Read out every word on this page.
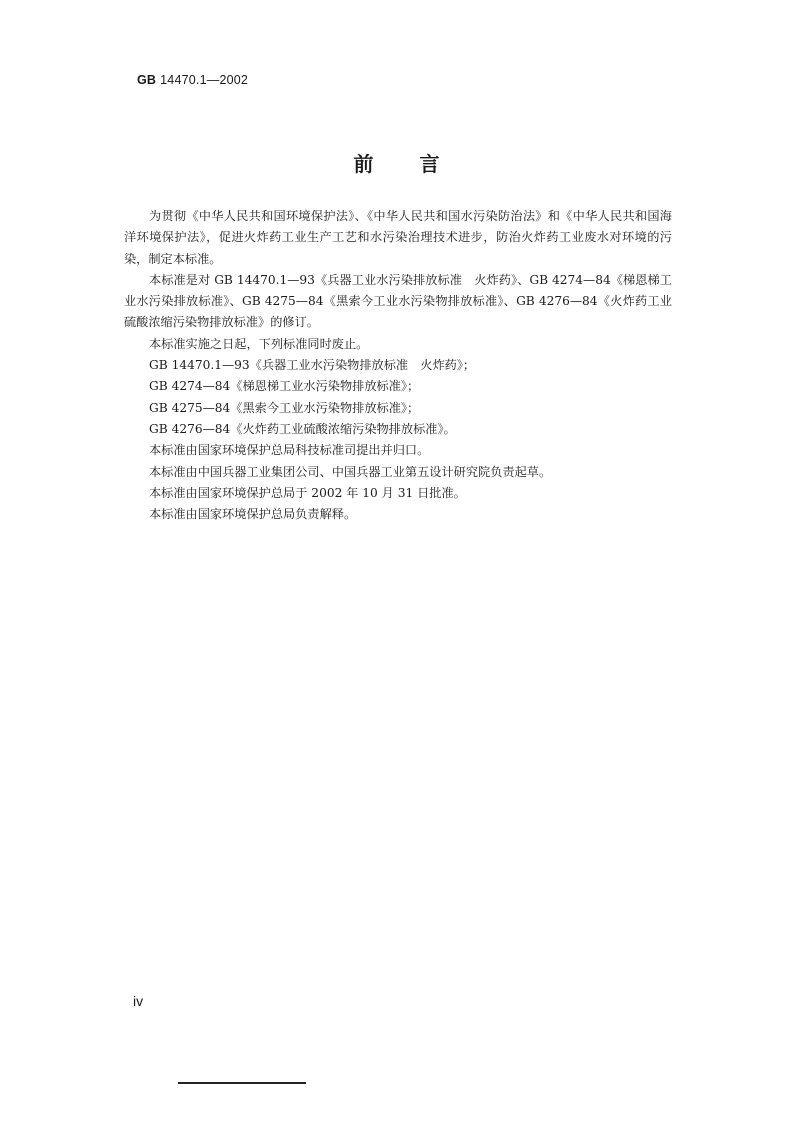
GB 14470.1—2002
前 言

为贯彻《中华人民共和国环境保护法》、《中华人民共和国水污染防治法》和《中华人民共和国海洋环境保护法》，促进火炸药工业生产工艺和水污染治理技术进步，防治火炸药工业废水对环境的污染，制定本标准。

本标准是对 GB 14470.1—93《兵器工业水污染排放标准　火炸药》、GB 4274—84《梯恩梯工业水污染排放标准》、GB 4275—84《黑索今工业水污染物排放标准》、GB 4276—84《火炸药工业硫酸浓缩污染物排放标准》的修订。

本标准实施之日起，下列标准同时废止。

GB 14470.1—93《兵器工业水污染物排放标准　火炸药》；

GB 4274—84《梯恩梯工业水污染物排放标准》；

GB 4275—84《黑索今工业水污染物排放标准》；

GB 4276—84《火炸药工业硫酸浓缩污染物排放标准》。

本标准由国家环境保护总局科技标准司提出并归口。

本标准由中国兵器工业集团公司、中国兵器工业第五设计研究院负责起草。

本标准由国家环境保护总局于 2002 年 10 月 31 日批准。

本标准由国家环境保护总局负责解释。

iv
